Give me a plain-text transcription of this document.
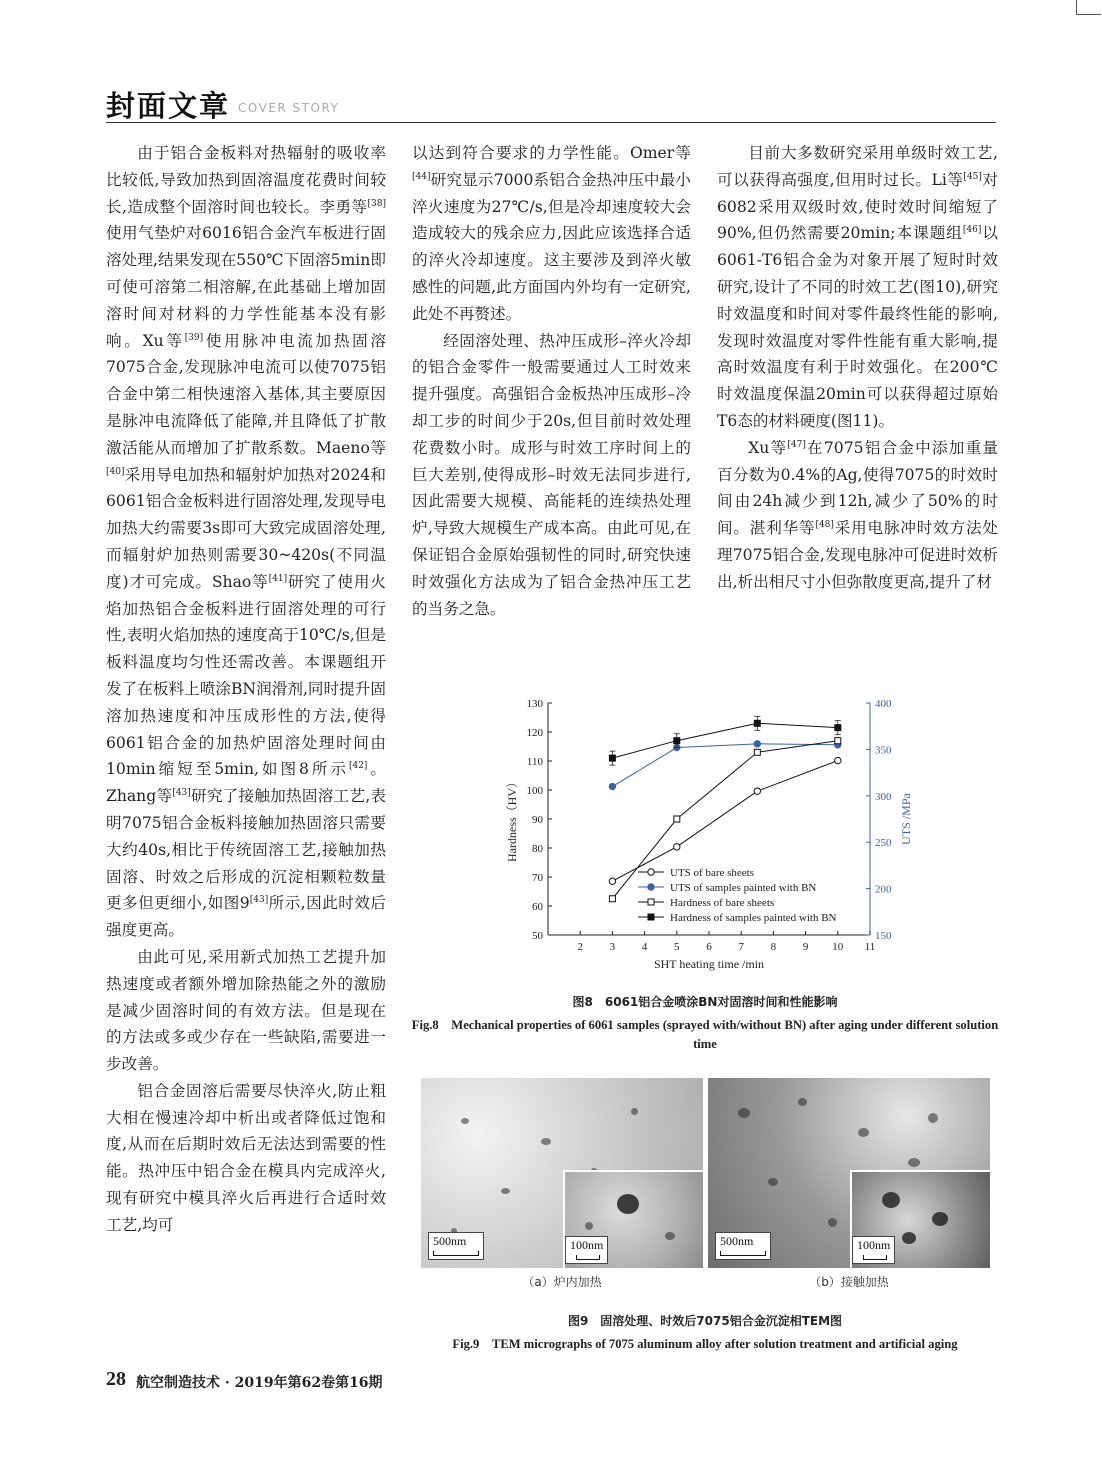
封面文章 COVER STORY

由于铝合金板料对热辐射的吸收率比较低,导致加热到固溶温度花费时间较长,造成整个固溶时间也较长。李勇等[38]使用气垫炉对6016铝合金汽车板进行固溶处理,结果发现在550℃下固溶5min即可使可溶第二相溶解,在此基础上增加固溶时间对材料的力学性能基本没有影响。Xu等[39]使用脉冲电流加热固溶7075合金,发现脉冲电流可以使7075铝合金中第二相快速溶入基体,其主要原因是脉冲电流降低了能障,并且降低了扩散激活能从而增加了扩散系数。Maeno等[40]采用导电加热和辐射炉加热对2024和6061铝合金板料进行固溶处理,发现导电加热大约需要3s即可大致完成固溶处理,而辐射炉加热则需要30~420s(不同温度)才可完成。Shao等[41]研究了使用火焰加热铝合金板料进行固溶处理的可行性,表明火焰加热的速度高于10℃/s,但是板料温度均匀性还需改善。本课题组开发了在板料上喷涂BN润滑剂,同时提升固溶加热速度和冲压成形性的方法,使得6061铝合金的加热炉固溶处理时间由10min缩短至5min,如图8所示[42]。Zhang等[43]研究了接触加热固溶工艺,表明7075铝合金板料接触加热固溶只需要大约40s,相比于传统固溶工艺,接触加热固溶、时效之后形成的沉淀相颗粒数量更多但更细小,如图9[43]所示,因此时效后强度更高。

由此可见,采用新式加热工艺提升加热速度或者额外增加除热能之外的激励是减少固溶时间的有效方法。但是现在的方法或多或少存在一些缺陷,需要进一步改善。

铝合金固溶后需要尽快淬火,防止粗大相在慢速冷却中析出或者降低过饱和度,从而在后期时效后无法达到需要的性能。热冲压中铝合金在模具内完成淬火,现有研究中模具淬火后再进行合适时效工艺,均可

以达到符合要求的力学性能。Omer等[44]研究显示7000系铝合金热冲压中最小淬火速度为27℃/s,但是冷却速度较大会造成较大的残余应力,因此应该选择合适的淬火冷却速度。这主要涉及到淬火敏感性的问题,此方面国内外均有一定研究,此处不再赘述。

经固溶处理、热冲压成形–淬火冷却的铝合金零件一般需要通过人工时效来提升强度。高强铝合金板热冲压成形–冷却工步的时间少于20s,但目前时效处理花费数小时。成形与时效工序时间上的巨大差别,使得成形–时效无法同步进行,因此需要大规模、高能耗的连续热处理炉,导致大规模生产成本高。由此可见,在保证铝合金原始强韧性的同时,研究快速时效强化方法成为了铝合金热冲压工艺的当务之急。

目前大多数研究采用单级时效工艺,可以获得高强度,但用时过长。Li等[45]对6082采用双级时效,使时效时间缩短了90%,但仍然需要20min;本课题组[46]以6061-T6铝合金为对象开展了短时时效研究,设计了不同的时效工艺(图10),研究时效温度和时间对零件最终性能的影响,发现时效温度对零件性能有重大影响,提高时效温度有利于时效强化。在200℃时效温度保温20min可以获得超过原始T6态的材料硬度(图11)。

Xu等[47]在7075铝合金中添加重量百分数为0.4%的Ag,使得7075的时效时间由24h减少到12h,减少了50%的时间。湛利华等[48]采用电脉冲时效方法处理7075铝合金,发现电脉冲可促进时效析出,析出相尺寸小但弥散度更高,提升了材

50
60
70
80
90
100
110
120
130
150
200
250
300
350
400
2 3 4 5 6 7 8 9 10 11
SHT heating time /min
Hardness（HV）	UTS /MPa
UTS of bare sheets
UTS of samples painted with BN
Hardness of bare sheets
Hardness of samples painted with BN
图8　6061铝合金喷涂BN对固溶时间和性能影响
Fig.8　Mechanical properties of 6061 samples (sprayed with/without BN) after aging under different solution time
500nm	100nm
（a）炉内加热
500nm	100nm
（b）接触加热
图9　固溶处理、时效后7075铝合金沉淀相TEM图
Fig.9　TEM micrographs of 7075 aluminum alloy after solution treatment and artificial aging
28 航空制造技术 · 2019年第62卷第16期
